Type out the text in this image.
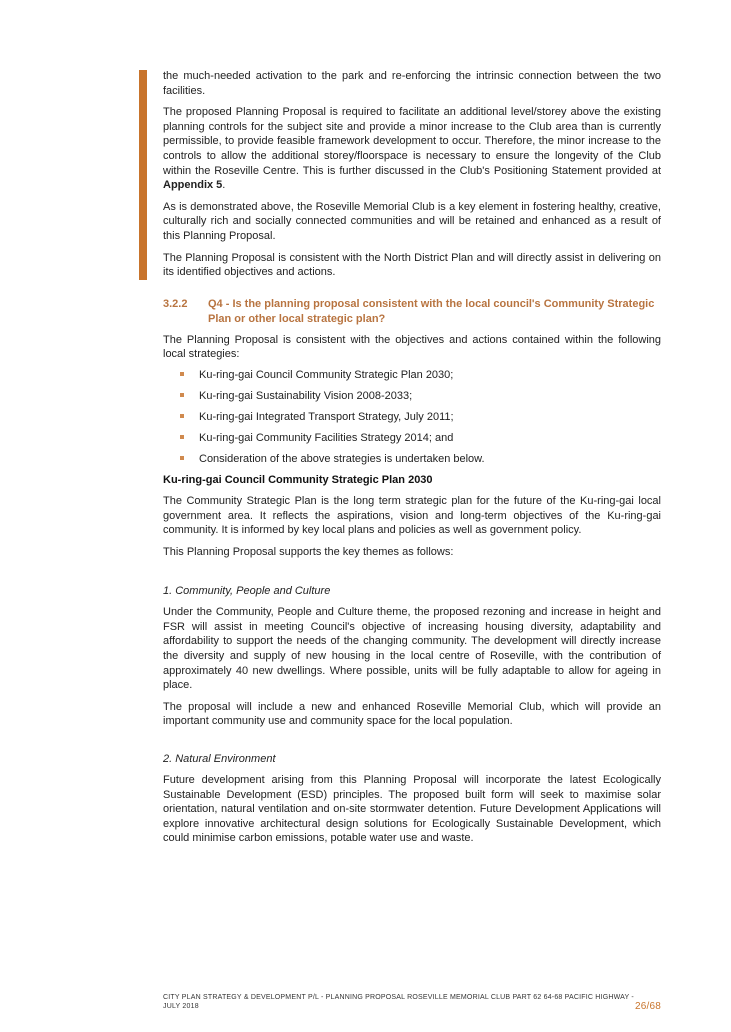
the much-needed activation to the park and re-enforcing the intrinsic connection between the two facilities.

The proposed Planning Proposal is required to facilitate an additional level/storey above the existing planning controls for the subject site and provide a minor increase to the Club area than is currently permissible, to provide feasible framework development to occur. Therefore, the minor increase to the controls to allow the additional storey/floorspace is necessary to ensure the longevity of the Club within the Roseville Centre. This is further discussed in the Club's Positioning Statement provided at Appendix 5.

As is demonstrated above, the Roseville Memorial Club is a key element in fostering healthy, creative, culturally rich and socially connected communities and will be retained and enhanced as a result of this Planning Proposal.

The Planning Proposal is consistent with the North District Plan and will directly assist in delivering on its identified objectives and actions.

3.2.2	Q4 - Is the planning proposal consistent with the local council's Community Strategic Plan or other local strategic plan?

The Planning Proposal is consistent with the objectives and actions contained within the following local strategies:

Ku-ring-gai Council Community Strategic Plan 2030;
Ku-ring-gai Sustainability Vision 2008-2033;
Ku-ring-gai Integrated Transport Strategy, July 2011;
Ku-ring-gai Community Facilities Strategy 2014; and
Consideration of the above strategies is undertaken below.
Ku-ring-gai Council Community Strategic Plan 2030

The Community Strategic Plan is the long term strategic plan for the future of the Ku-ring-gai local government area. It reflects the aspirations, vision and long-term objectives of the Ku-ring-gai community. It is informed by key local plans and policies as well as government policy.

This Planning Proposal supports the key themes as follows:

1. Community, People and Culture

Under the Community, People and Culture theme, the proposed rezoning and increase in height and FSR will assist in meeting Council's objective of increasing housing diversity, adaptability and affordability to support the needs of the changing community. The development will directly increase the diversity and supply of new housing in the local centre of Roseville, with the contribution of approximately 40 new dwellings. Where possible, units will be fully adaptable to allow for ageing in place.

The proposal will include a new and enhanced Roseville Memorial Club, which will provide an important community use and community space for the local population.

2. Natural Environment

Future development arising from this Planning Proposal will incorporate the latest Ecologically Sustainable Development (ESD) principles. The proposed built form will seek to maximise solar orientation, natural ventilation and on-site stormwater detention. Future Development Applications will explore innovative architectural design solutions for Ecologically Sustainable Development, which could minimise carbon emissions, potable water use and waste.

CITY PLAN STRATEGY & DEVELOPMENT P/L - PLANNING PROPOSAL ROSEVILLE MEMORIAL CLUB PART 62 64-68 PACIFIC HIGHWAY - JULY 2018	26/68
